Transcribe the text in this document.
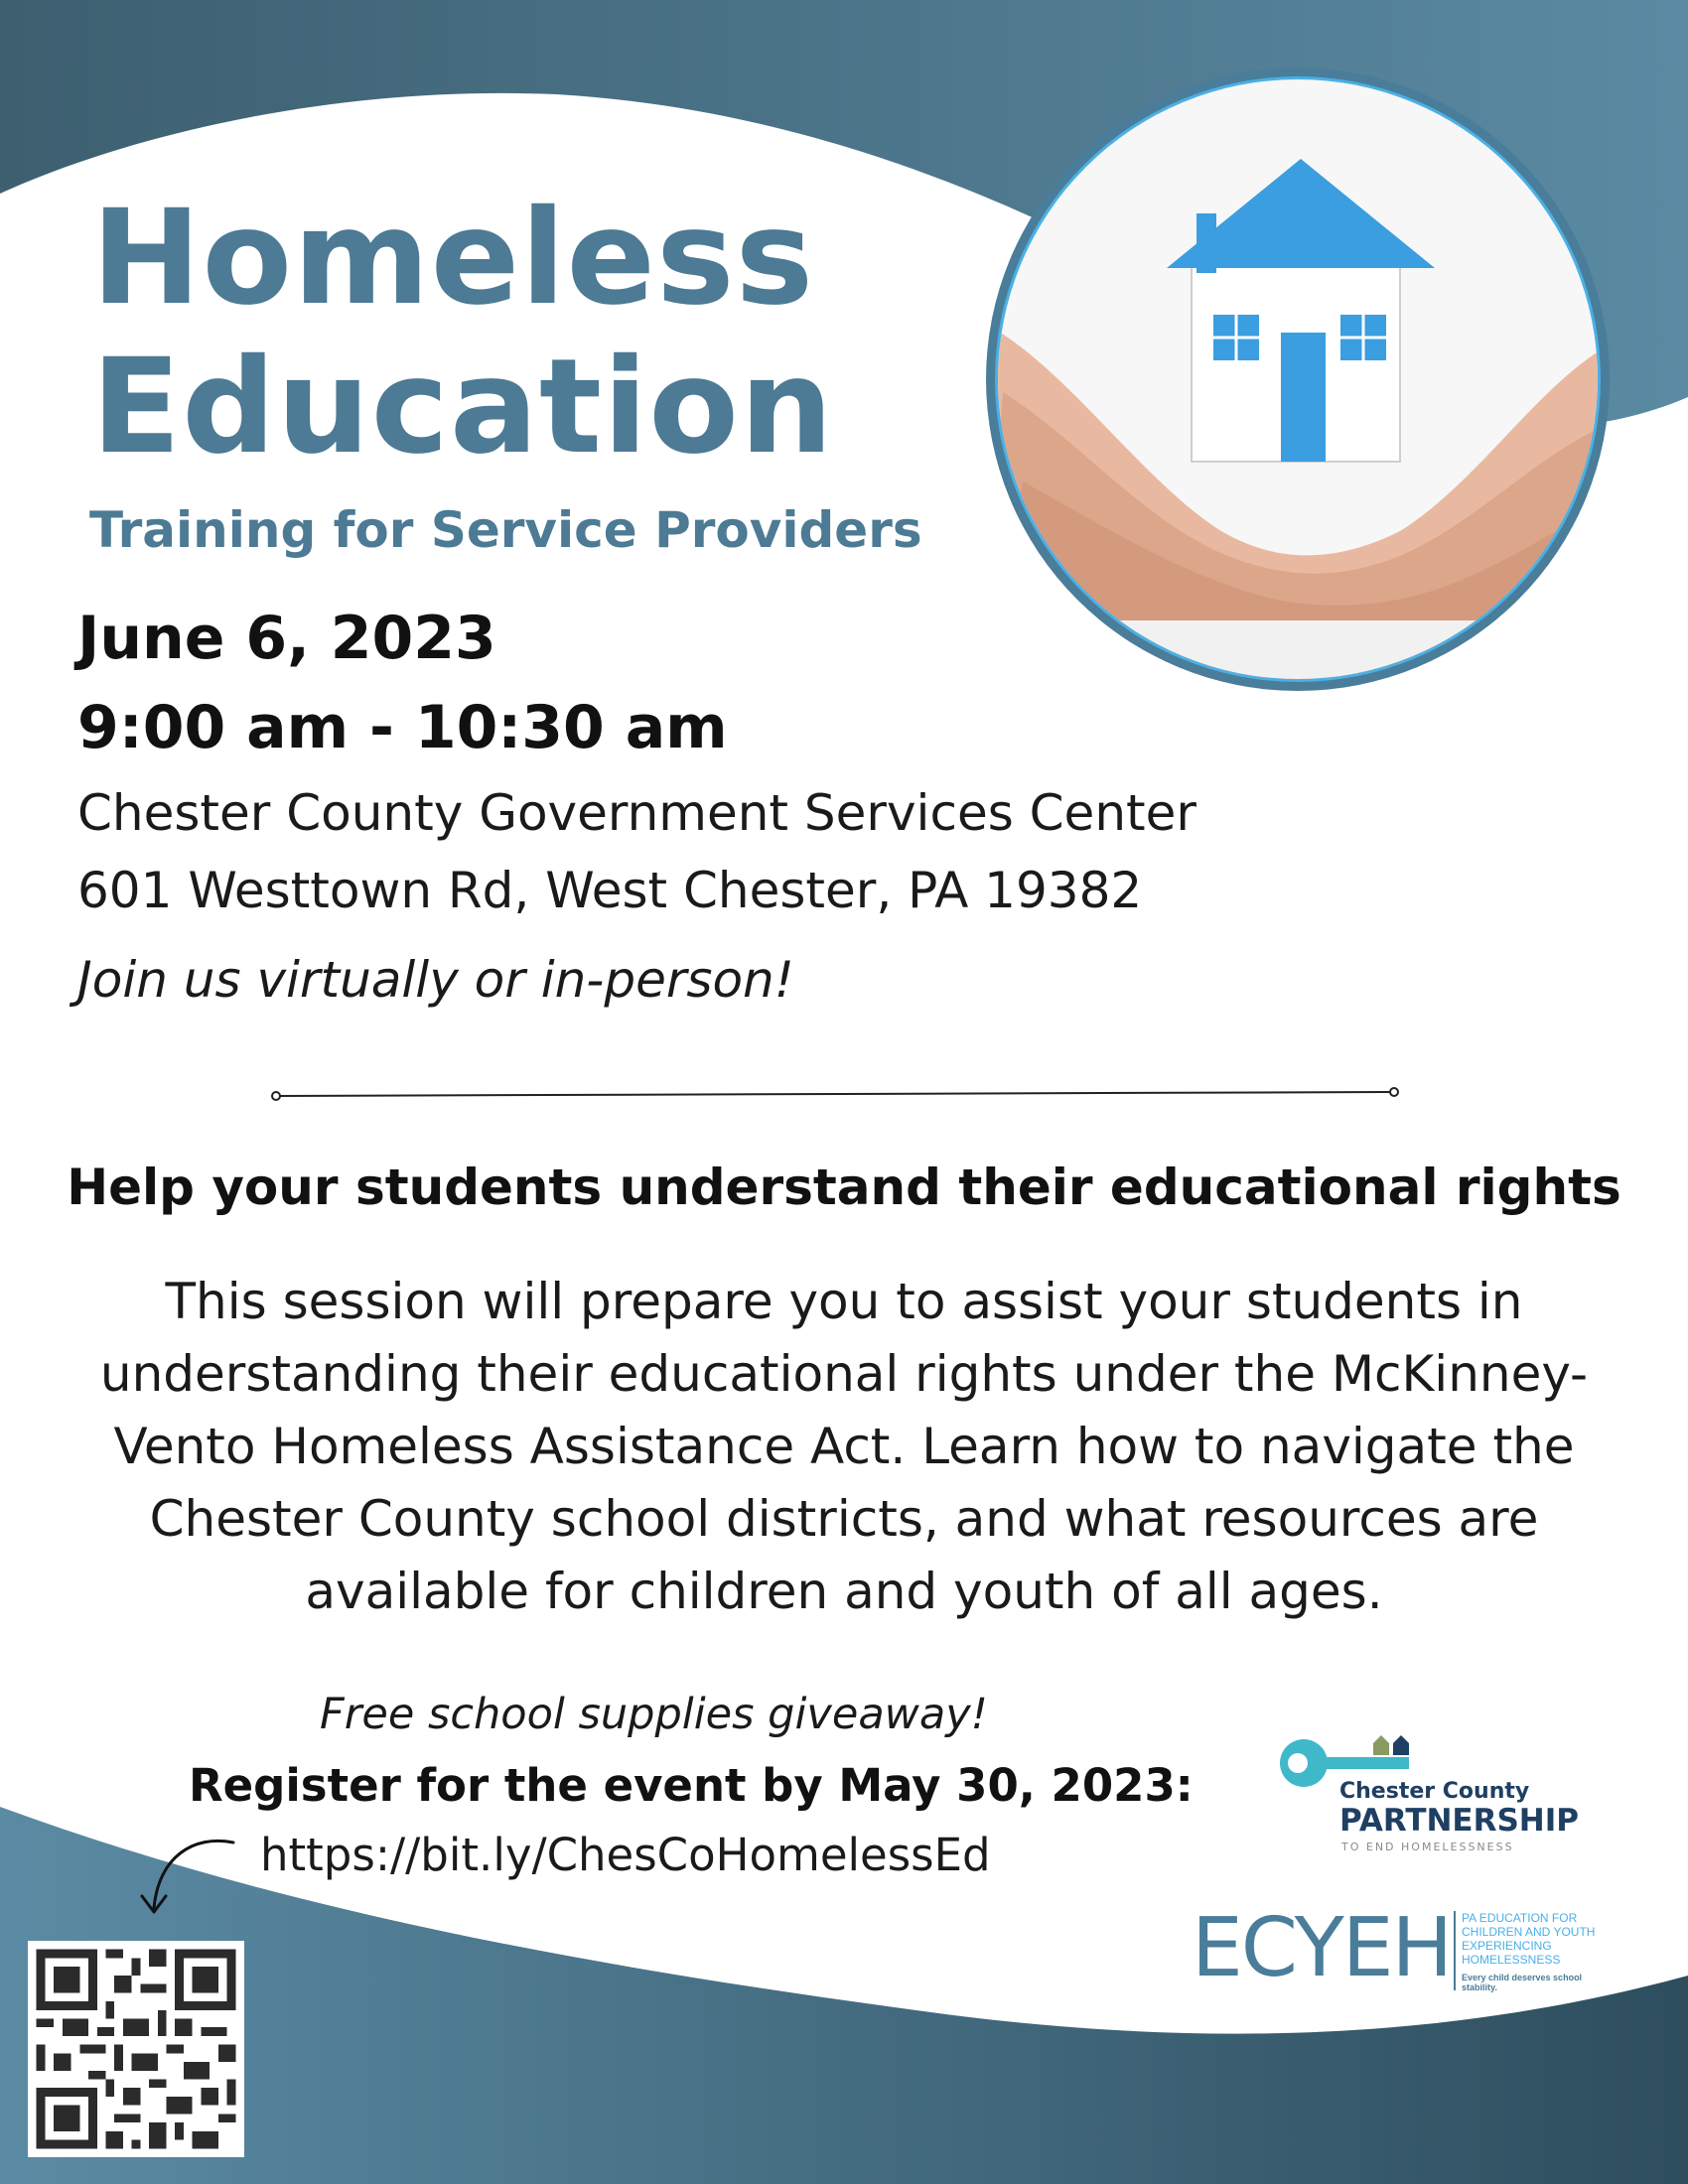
Homeless
Education
Training for Service Providers
June 6, 2023
9:00 am - 10:30 am
Chester County Government Services Center
601 Westtown Rd, West Chester, PA 19382
Join us virtually or in-person!
Help your students understand their educational rights
This session will prepare you to assist your students in understanding their educational rights under the McKinney-Vento Homeless Assistance Act. Learn how to navigate the Chester County school districts, and what resources are available for children and youth of all ages.
Free school supplies giveaway!
Register for the event by May 30, 2023:
https://bit.ly/ChesCoHomelessEd
Chester County
PARTNERSHIP
TO END HOMELESSNESS
ECYEH PA EDUCATION FOR
CHILDREN AND YOUTH
EXPERIENCING
HOMELESSNESS
Every child deserves school stability.
